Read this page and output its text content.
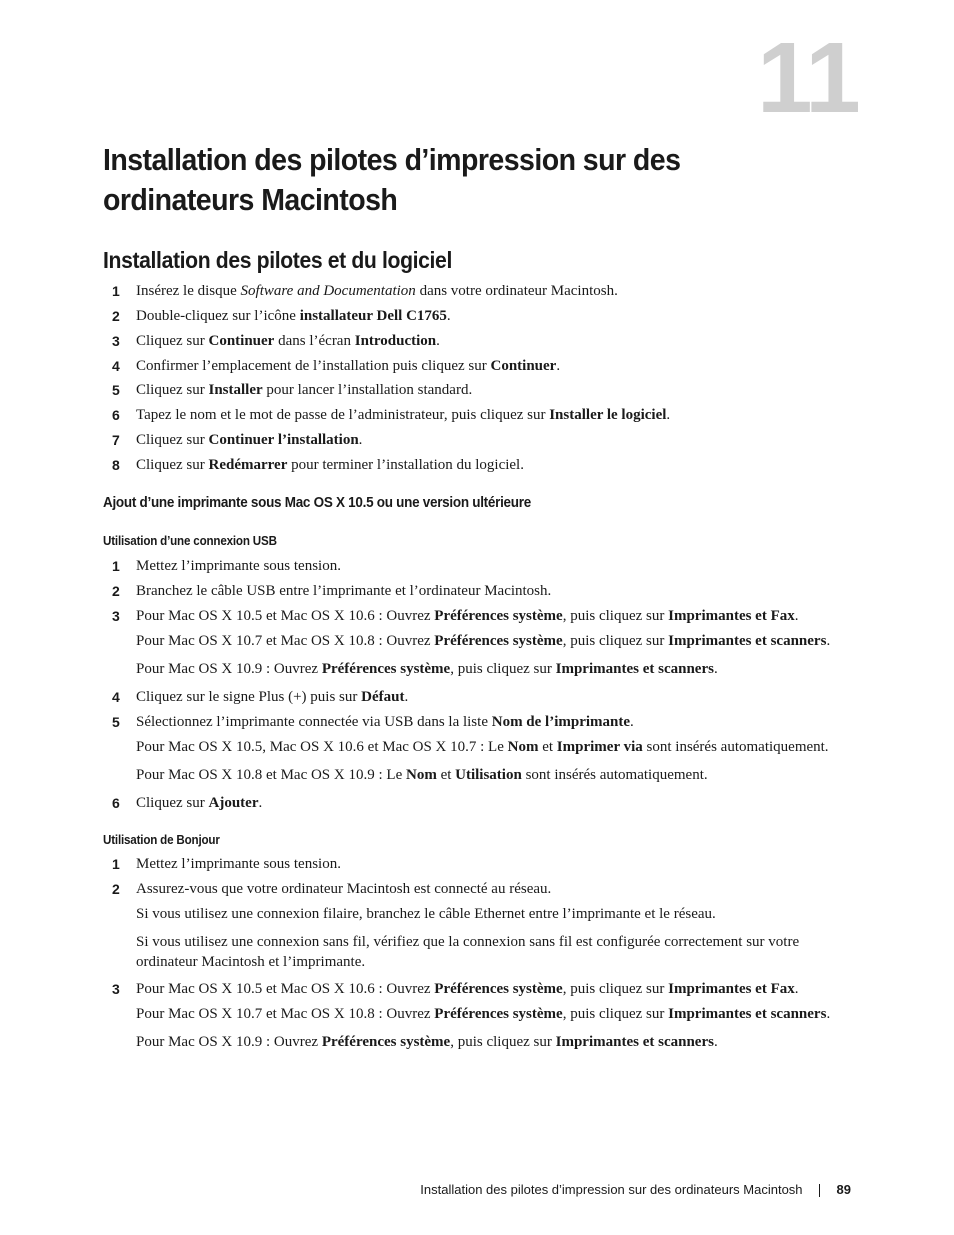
11
Installation des pilotes d’impression sur des ordinateurs Macintosh
Installation des pilotes et du logiciel
1	Insérez le disque Software and Documentation dans votre ordinateur Macintosh.
2	Double-cliquez sur l’icône installateur Dell C1765.
3	Cliquez sur Continuer dans l’écran Introduction.
4	Confirmer l’emplacement de l’installation puis cliquez sur Continuer.
5	Cliquez sur Installer pour lancer l’installation standard.
6	Tapez le nom et le mot de passe de l’administrateur, puis cliquez sur Installer le logiciel.
7	Cliquez sur Continuer l’installation.
8	Cliquez sur Redémarrer pour terminer l’installation du logiciel.
Ajout d’une imprimante sous Mac OS X 10.5 ou une version ultérieure
Utilisation d’une connexion USB
1	Mettez l’imprimante sous tension.
2	Branchez le câble USB entre l’imprimante et l’ordinateur Macintosh.
3	Pour Mac OS X 10.5 et Mac OS X 10.6 : Ouvrez Préférences système, puis cliquez sur Imprimantes et Fax.
Pour Mac OS X 10.7 et Mac OS X 10.8 : Ouvrez Préférences système, puis cliquez sur Imprimantes et scanners.
Pour Mac OS X 10.9 : Ouvrez Préférences système, puis cliquez sur Imprimantes et scanners.
4	Cliquez sur le signe Plus (+) puis sur Défaut.
5	Sélectionnez l’imprimante connectée via USB dans la liste Nom de l’imprimante.
Pour Mac OS X 10.5, Mac OS X 10.6 et Mac OS X 10.7 : Le Nom et Imprimer via sont insérés automatiquement.
Pour Mac OS X 10.8 et Mac OS X 10.9 : Le Nom et Utilisation sont insérés automatiquement.
6	Cliquez sur Ajouter.
Utilisation de Bonjour
1	Mettez l’imprimante sous tension.
2	Assurez-vous que votre ordinateur Macintosh est connecté au réseau.
Si vous utilisez une connexion filaire, branchez le câble Ethernet entre l’imprimante et le réseau.
Si vous utilisez une connexion sans fil, vérifiez que la connexion sans fil est configurée correctement sur votre ordinateur Macintosh et l’imprimante.
3	Pour Mac OS X 10.5 et Mac OS X 10.6 : Ouvrez Préférences système, puis cliquez sur Imprimantes et Fax.
Pour Mac OS X 10.7 et Mac OS X 10.8 : Ouvrez Préférences système, puis cliquez sur Imprimantes et scanners.
Pour Mac OS X 10.9 : Ouvrez Préférences système, puis cliquez sur Imprimantes et scanners.
Installation des pilotes d’impression sur des ordinateurs Macintosh	89
